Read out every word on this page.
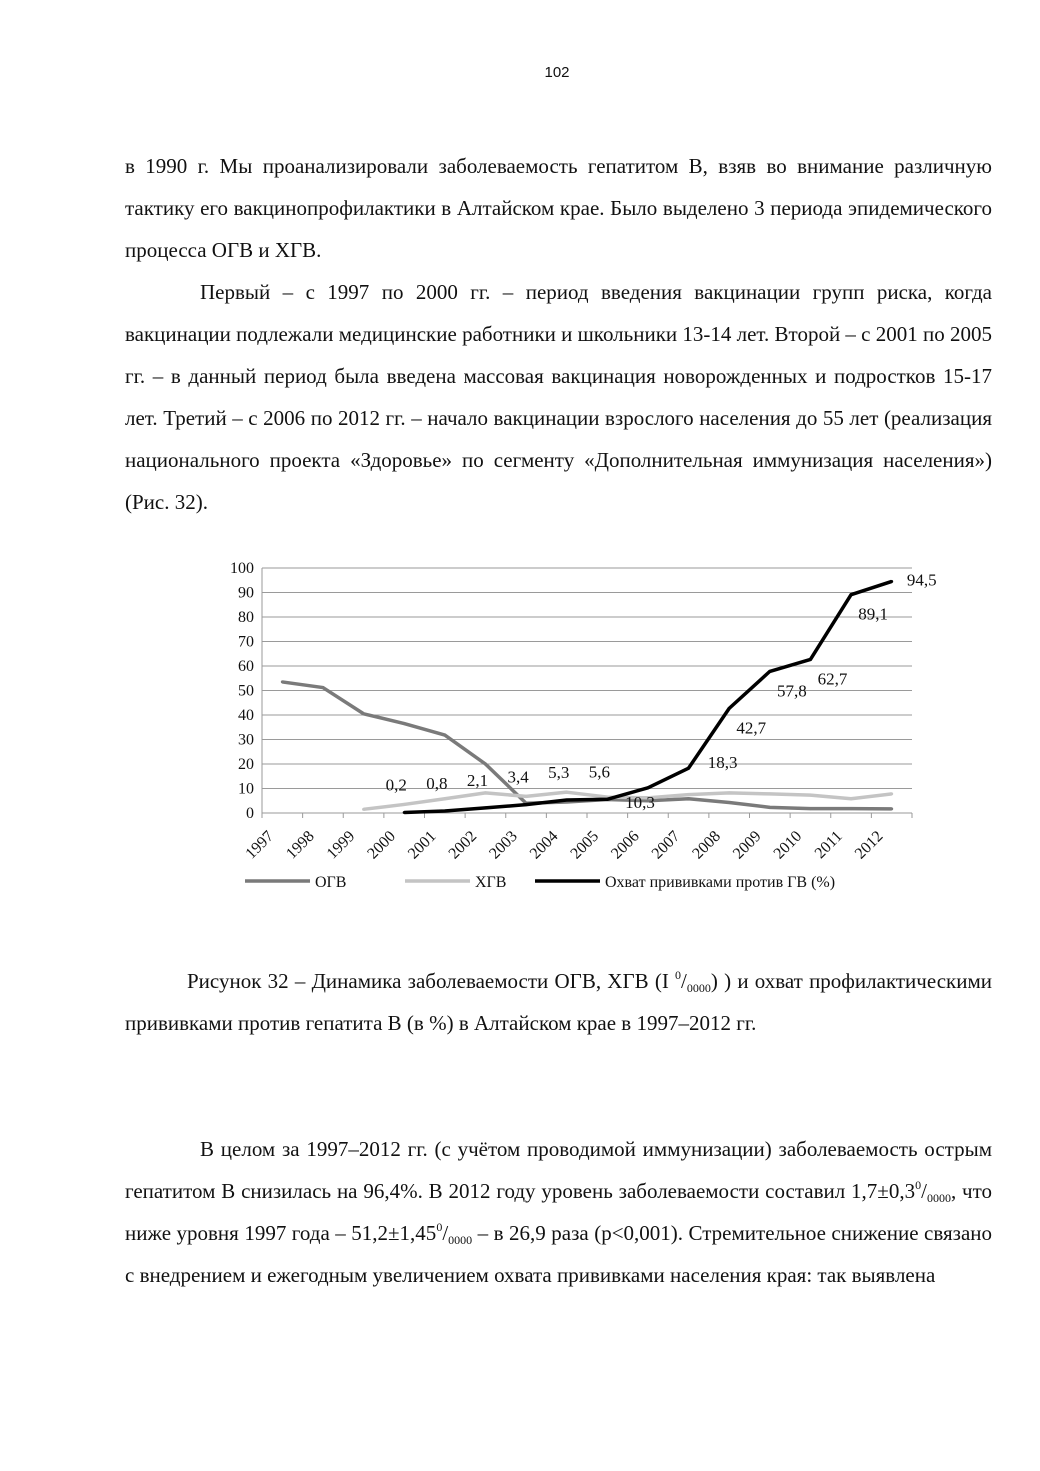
102

в 1990 г. Мы проанализировали заболеваемость гепатитом В, взяв во внимание различную тактику его вакцинопрофилактики в Алтайском крае. Было выделено 3 периода эпидемического процесса ОГВ и ХГВ.

Первый – с 1997 по 2000 гг. – период введения вакцинации групп риска, когда вакцинации подлежали медицинские работники и школьники 13-14 лет. Второй – с 2001 по 2005 гг. – в данный период была введена массовая вакцинация новорожденных и подростков 15-17 лет. Третий – с 2006 по 2012 гг. – начало вакцинации взрослого населения до 55 лет (реализация национального проекта «Здоровье» по сегменту «Дополнительная иммунизация населения») (Рис. 32).

0
10
20
30
40
50
60
70
80
90
100
1997 1998 1999 2000 2001 2002 2003 2004 2005 2006 2007 2008 2009 2010 2011 2012
0,2 0,8 2,1 3,4 5,3 5,6
10,3
18,3
42,7
57,8
62,7
89,1
94,5
ОГВ	ХГВ	Охват прививками против ГВ (%)

Рисунок 32 – Динамика заболеваемости ОГВ, ХГВ (I $^0/_{0000}$) ) и охват профилактическими прививками против гепатита В (в %) в Алтайском крае в 1997–2012 гг.

В целом за 1997–2012 гг. (с учётом проводимой иммунизации) заболеваемость острым гепатитом В снизилась на 96,4%. В 2012 году уровень заболеваемости составил $1,7\pm 0,3^0/_{0000}$, что ниже уровня 1997 года – $51,2\pm 1,45^0/_{0000} - в$ 26,9 раза (p<0,001). Стремительное снижение связано с внедрением и ежегодным увеличением охвата прививками населения края: так выявлена
